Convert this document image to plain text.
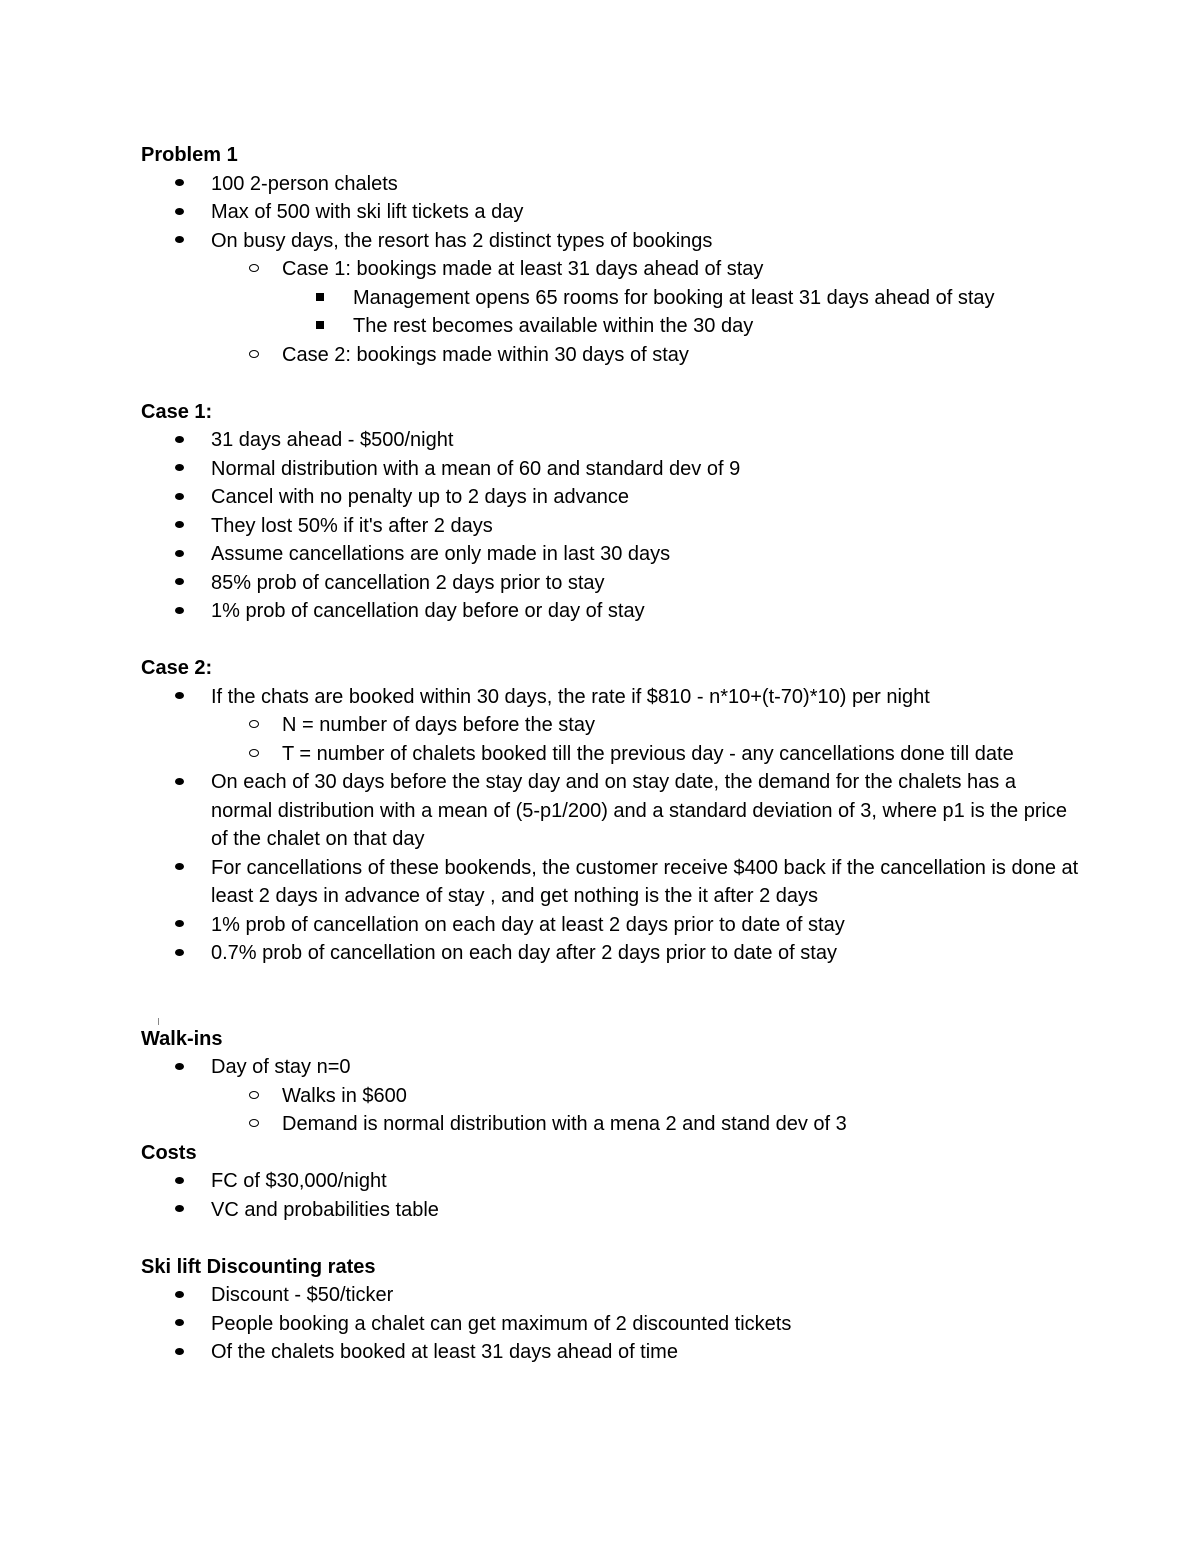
Problem 1
100 2-person chalets
Max of 500 with ski lift tickets a day
On busy days, the resort has 2 distinct types of bookings
Case 1: bookings made at least 31 days ahead of stay
Management opens 65 rooms for booking at least 31 days ahead of stay
The rest becomes available within the 30 day
Case 2: bookings made within 30 days of stay
Case 1:
31 days ahead - $500/night
Normal distribution with a mean of 60 and standard dev of 9
Cancel with no penalty up to 2 days in advance
They lost 50% if it's after 2 days
Assume cancellations are only made in last 30 days
85% prob of cancellation 2 days prior to stay
1% prob of cancellation day before or day of stay
Case 2:
If the chats are booked within 30 days, the rate if $810 - n*10+(t-70)*10) per night
N = number of days before the stay
T = number of chalets booked till the previous day - any cancellations done till date
On each of 30 days before the stay day and on stay date, the demand for the chalets has a normal distribution with a mean of (5-p1/200) and a standard deviation of 3, where p1 is the price of the chalet on that day
For cancellations of these bookends, the customer receive $400 back if the cancellation is done at least 2 days in advance of stay , and get nothing is the it after 2 days
1% prob of cancellation on each day at least 2 days prior to date of stay
0.7% prob of cancellation on each day after 2 days prior to date of stay
Walk-ins
Day of stay n=0
Walks in $600
Demand is normal distribution with a mena 2 and stand dev of 3
Costs
FC of $30,000/night
VC and probabilities table
Ski lift Discounting rates
Discount - $50/ticker
People booking a chalet can get maximum of 2 discounted tickets
Of the chalets booked at least 31 days ahead of time
